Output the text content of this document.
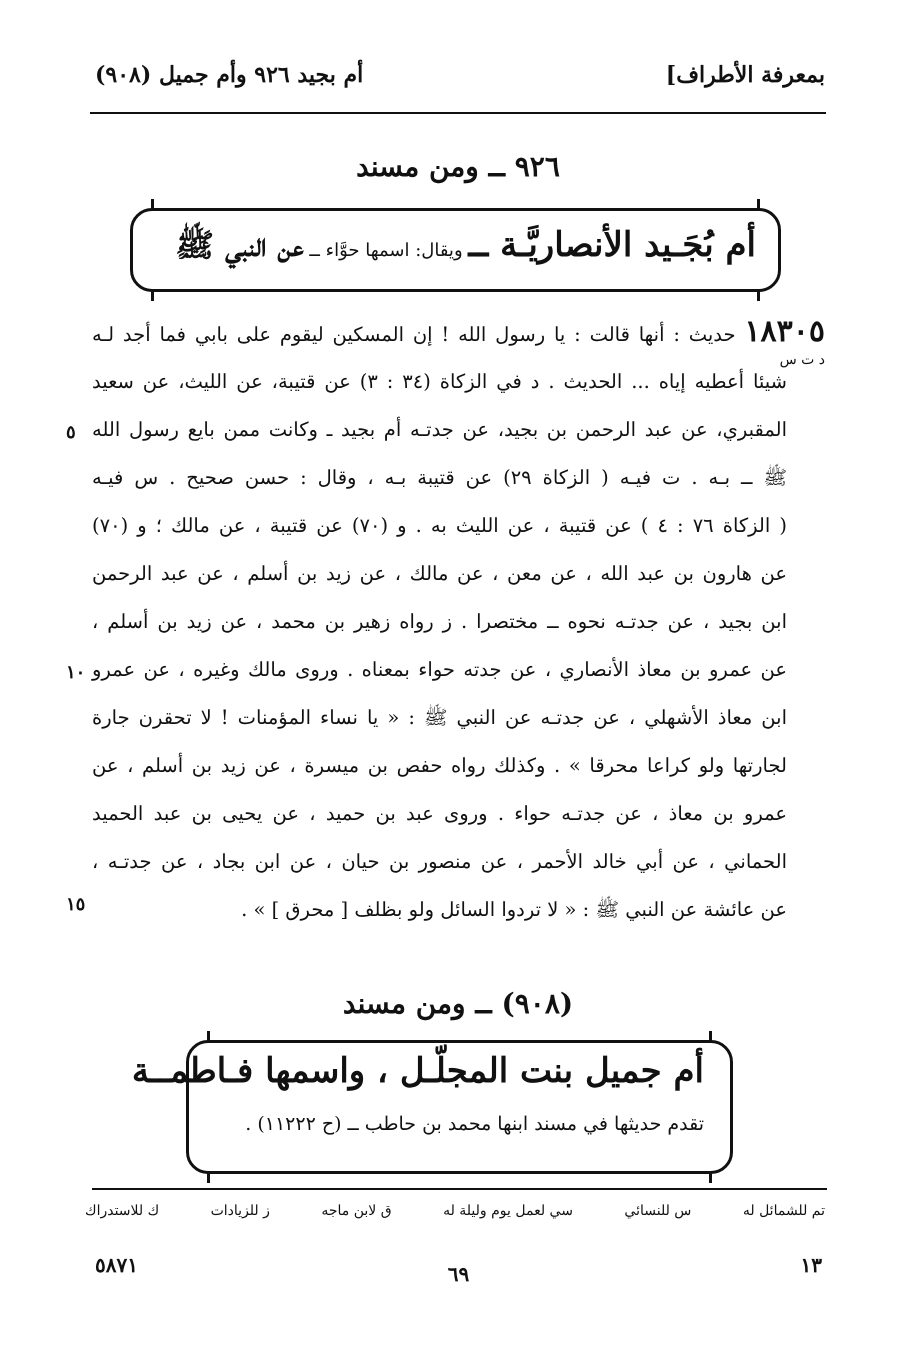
بمعرفة الأطراف]
أم بجيد ٩٢٦ وأم جميل (٩٠٨)
٩٢٦ ــ ومن مسند
أم بُجَـيد الأنصاريَّـة ــ ويقال: اسمها حوَّاء ــ عن النبي ﷺ
د ت س
١٨٣٠٥ حديث : أنها قالت : يا رسول الله ! إن المسكين ليقوم على بابي فما أجد لـه
شيئا أعطيه إياه ... الحديث . د في الزكاة (٣٤ : ٣) عن قتيبة، عن الليث، عن سعيد
المقبري، عن عبد الرحمن بن بجيد، عن جدتـه أم بجيد ـ وكانت ممن بايع رسول الله
ﷺ ــ بـه . ت فيـه ( الزكاة ٢٩) عن قتيبة بـه ، وقال : حسن صحيح . س فيـه
( الزكاة ٧٦ : ٤ ) عن قتيبة ، عن الليث به . و (٧٠) عن قتيبة ، عن مالك ؛ و (٧٠)
عن هارون بن عبد الله ، عن معن ، عن مالك ، عن زيد بن أسلم ، عن عبد الرحمن
ابن بجيد ، عن جدتـه نحوه ــ مختصرا . ز رواه زهير بن محمد ، عن زيد بن أسلم ،
عن عمرو بن معاذ الأنصاري ، عن جدته حواء بمعناه . وروى مالك وغيره ، عن عمرو
ابن معاذ الأشهلي ، عن جدتـه عن النبي ﷺ : « يا نساء المؤمنات ! لا تحقرن جارة
لجارتها ولو كراعا محرقا » . وكذلك رواه حفص بن ميسرة ، عن زيد بن أسلم ، عن
عمرو بن معاذ ، عن جدتـه حواء . وروى عبد بن حميد ، عن يحيى بن عبد الحميد
الحماني ، عن أبي خالد الأحمر ، عن منصور بن حيان ، عن ابن بجاد ، عن جدتـه ،
عن عائشة عن النبي ﷺ : « لا تردوا السائل ولو بظلف [ محرق ] » .
٥
١٠
١٥
(٩٠٨) ــ ومن مسند
أم جميل بنت المجلّـل ، واسمها فـاطمــة
تقدم حديثها في مسند ابنها محمد بن حاطب ــ (ح ١١٢٢٢) .
تم للشمائل له
س للنسائي
سي لعمل يوم وليلة له
ق لابن ماجه
ز للزيادات
ك للاستدراك
٥٨٧١	٦٩	١٣
